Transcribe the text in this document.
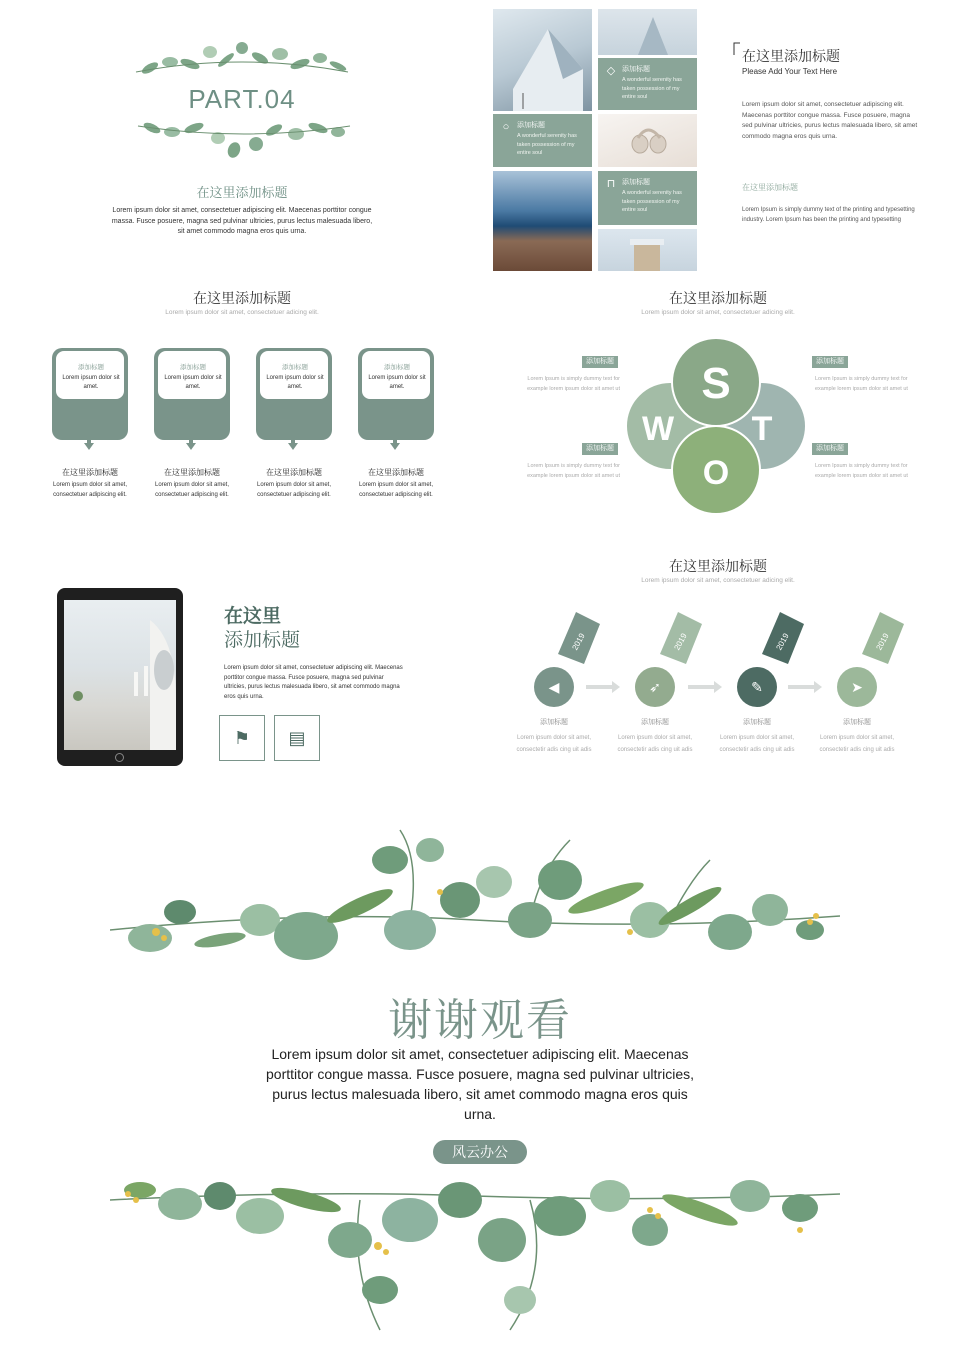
PART.04
在这里添加标题
Lorem ipsum dolor sit amet, consectetuer adipiscing elit. Maecenas porttitor congue massa. Fusce posuere, magna sed pulvinar ultricies, purus lectus malesuada libero, sit amet commodo magna eros quis urna.
◇ 添加标题
A wonderful serenity has taken possession of my entire soul
○	添加标题
A wonderful serenity has taken possession of my entire soul
⊓ 添加标题
A wonderful serenity has taken possession of my entire soul
在这里添加标题
Please Add Your Text Here
Lorem ipsum dolor sit amet, consectetuer adipiscing elit. Maecenas porttitor congue massa. Fusce posuere, magna sed pulvinar ultricies, purus lectus malesuada libero, sit amet commodo magna eros quis urna.
在这里添加标题
Lorem Ipsum is simply dummy text of the printing and typesetting industry. Lorem Ipsum has been the printing and typesetting
在这里添加标题
Lorem ipsum dolor sit amet, consectetuer adicing elit.
添加标题
Lorem ipsum dolor sit amet.
在这里添加标题
Lorem ipsum dolor sit amet, consectetuer adipiscing elit.
添加标题
Lorem ipsum dolor sit amet.
在这里添加标题
Lorem ipsum dolor sit amet, consectetuer adipiscing elit.
添加标题
Lorem ipsum dolor sit amet.
在这里添加标题
Lorem ipsum dolor sit amet, consectetuer adipiscing elit.
添加标题
Lorem ipsum dolor sit amet.
在这里添加标题
Lorem ipsum dolor sit amet, consectetuer adipiscing elit.
在这里添加标题
Lorem ipsum dolor sit amet, consectetuer adicing elit.
S
W T
O
添加标题
Lorem Ipsum is simply dummy text for example lorem ipsum dolor sit amet ut
添加标题
Lorem Ipsum is simply dummy text for example lorem ipsum dolor sit amet ut
添加标题
Lorem Ipsum is simply dummy text for example lorem ipsum dolor sit amet ut
添加标题
Lorem Ipsum is simply dummy text for example lorem ipsum dolor sit amet ut
在这里
添加标题
Lorem ipsum dolor sit amet, consectetuer adipiscing elit. Maecenas porttitor congue massa. Fusce posuere, magna sed pulvinar ultricies, purus lectus malesuada libero, sit amet commodo magna eros quis urna.
⚑	▤
在这里添加标题
Lorem ipsum dolor sit amet, consectetuer adicing elit.
2019	2019	2019	2019
◀	➶	✎	➤
添加标题
Lorem ipsum dolor sit amet, consectetir adis cing uit adis
添加标题
Lorem ipsum dolor sit amet, consectetir adis cing uit adis
添加标题
Lorem ipsum dolor sit amet, consectetir adis cing uit adis
添加标题
Lorem ipsum dolor sit amet, consectetir adis cing uit adis
谢谢观看
Lorem ipsum dolor sit amet, consectetuer adipiscing elit. Maecenas porttitor congue massa. Fusce posuere, magna sed pulvinar ultricies, purus lectus malesuada libero, sit amet commodo magna eros quis urna.
风云办公
